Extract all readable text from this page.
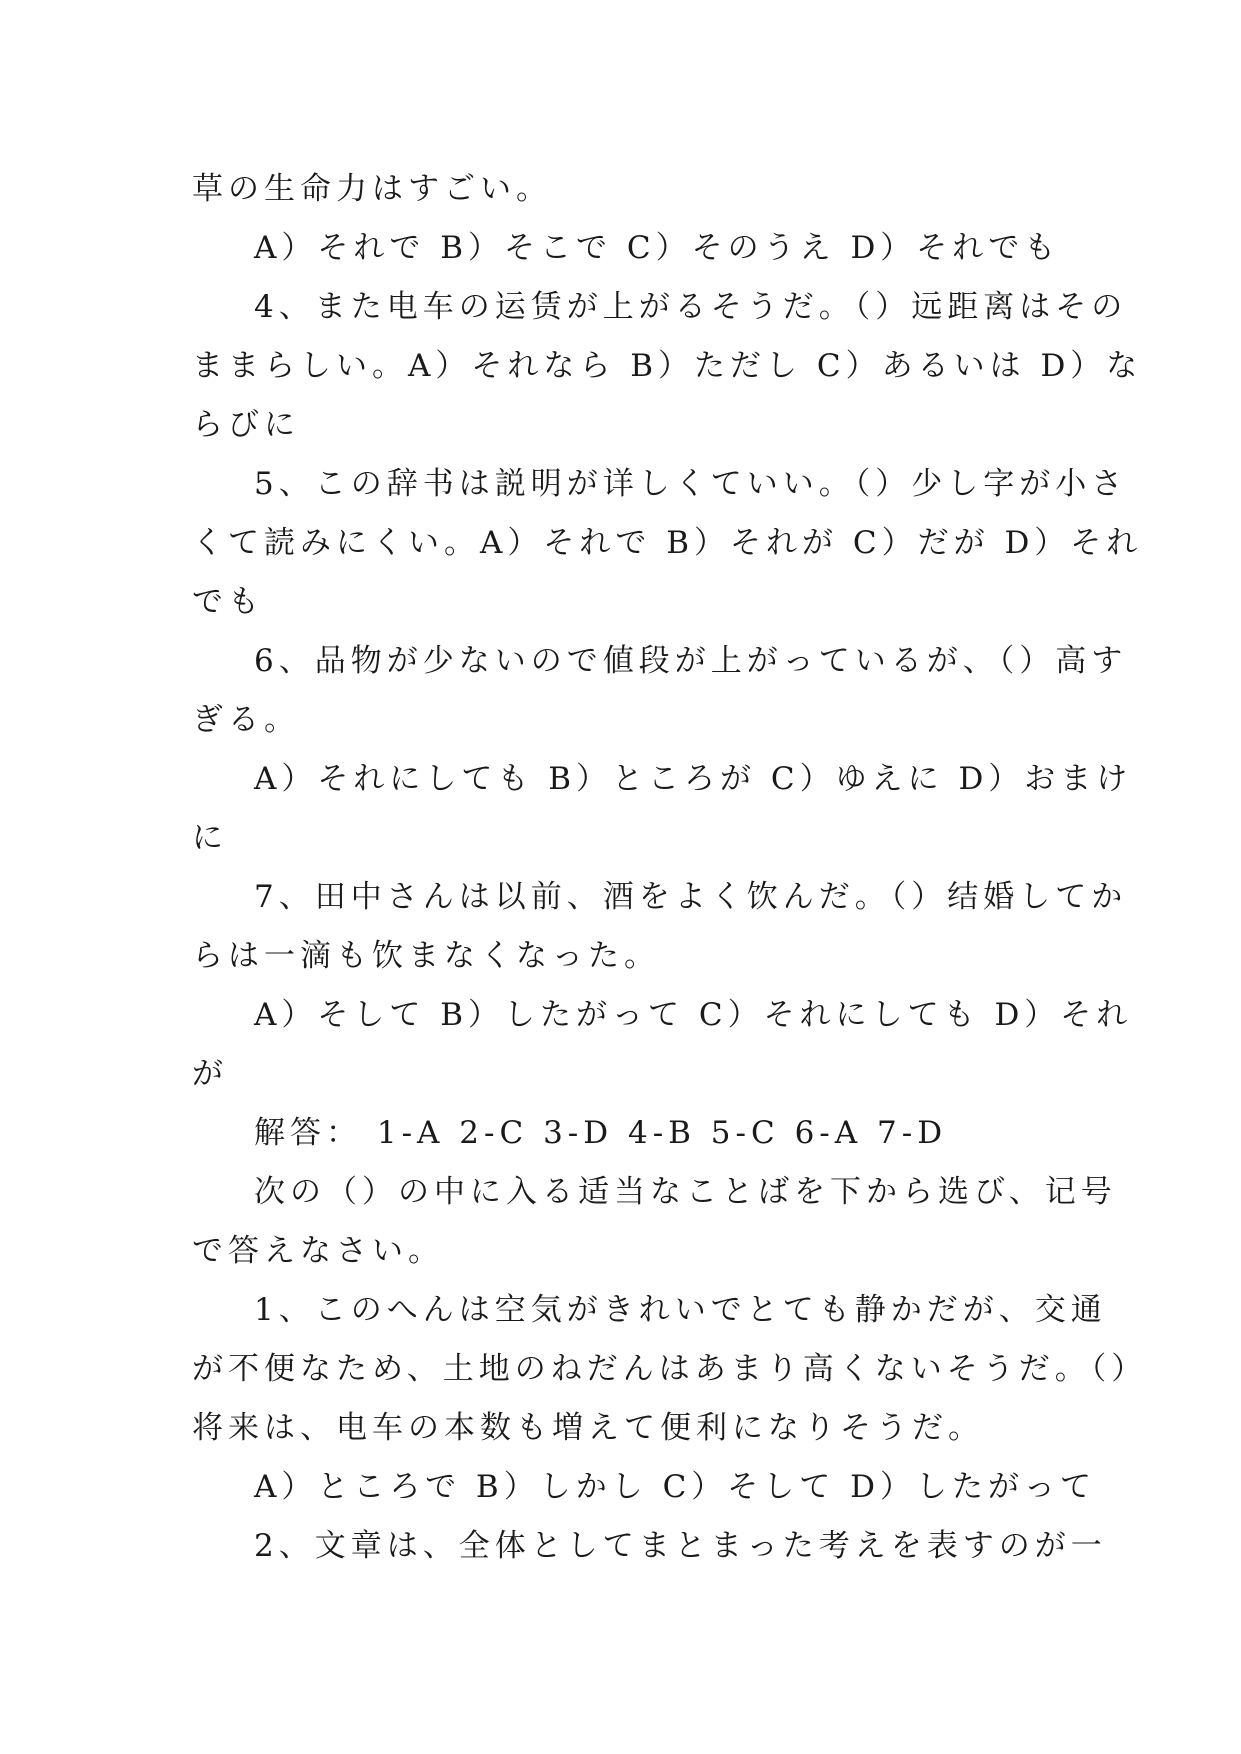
草の生命力はすごい。
A）それで B）そこで C）そのうえ D）それでも
4、また电车の运赁が上がるそうだ。（）远距离はその
ままらしい。A）それなら B）ただし C）あるいは D）な
らびに
5、この辞书は説明が详しくていい。（）少し字が小さ
くて読みにくい。A）それで B）それが C）だが D）それ
でも
6、品物が少ないので値段が上がっているが、（）高す
ぎる。
A）それにしても B）ところが C）ゆえに D）おまけ
に
7、田中さんは以前、酒をよく饮んだ。（）结婚してか
らは一滴も饮まなくなった。
A）そして B）したがって C）それにしても D）それ
が
解答： 1-A 2-C 3-D 4-B 5-C 6-A 7-D
次の（）の中に入る适当なことばを下から选び、记号
で答えなさい。
1、このへんは空気がきれいでとても静かだが、交通
が不便なため、土地のねだんはあまり高くないそうだ。（）
将来は、电车の本数も増えて便利になりそうだ。
A）ところで B）しかし C）そして D）したがって
2、文章は、全体としてまとまった考えを表すのが一
